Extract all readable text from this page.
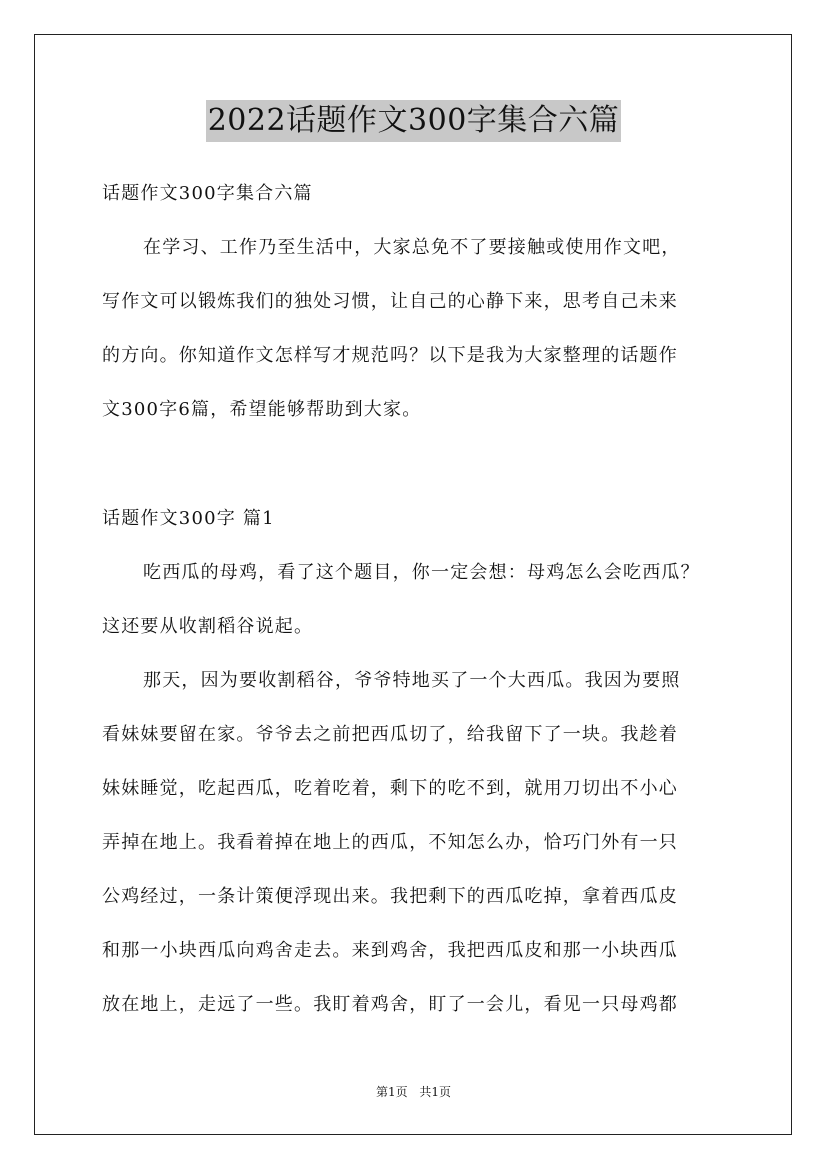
2022话题作文300字集合六篇
话题作文300字集合六篇
在学习、工作乃至生活中，大家总免不了要接触或使用作文吧，
写作文可以锻炼我们的独处习惯，让自己的心静下来，思考自己未来
的方向。你知道作文怎样写才规范吗？以下是我为大家整理的话题作
文300字6篇，希望能够帮助到大家。
话题作文300字 篇1
吃西瓜的母鸡，看了这个题目，你一定会想：母鸡怎么会吃西瓜？
这还要从收割稻谷说起。
那天，因为要收割稻谷，爷爷特地买了一个大西瓜。我因为要照
看妹妹要留在家。爷爷去之前把西瓜切了，给我留下了一块。我趁着
妹妹睡觉，吃起西瓜，吃着吃着，剩下的吃不到，就用刀切出不小心
弄掉在地上。我看着掉在地上的西瓜，不知怎么办，恰巧门外有一只
公鸡经过，一条计策便浮现出来。我把剩下的西瓜吃掉，拿着西瓜皮
和那一小块西瓜向鸡舍走去。来到鸡舍，我把西瓜皮和那一小块西瓜
放在地上，走远了一些。我盯着鸡舍，盯了一会儿，看见一只母鸡都
第1页 共1页
